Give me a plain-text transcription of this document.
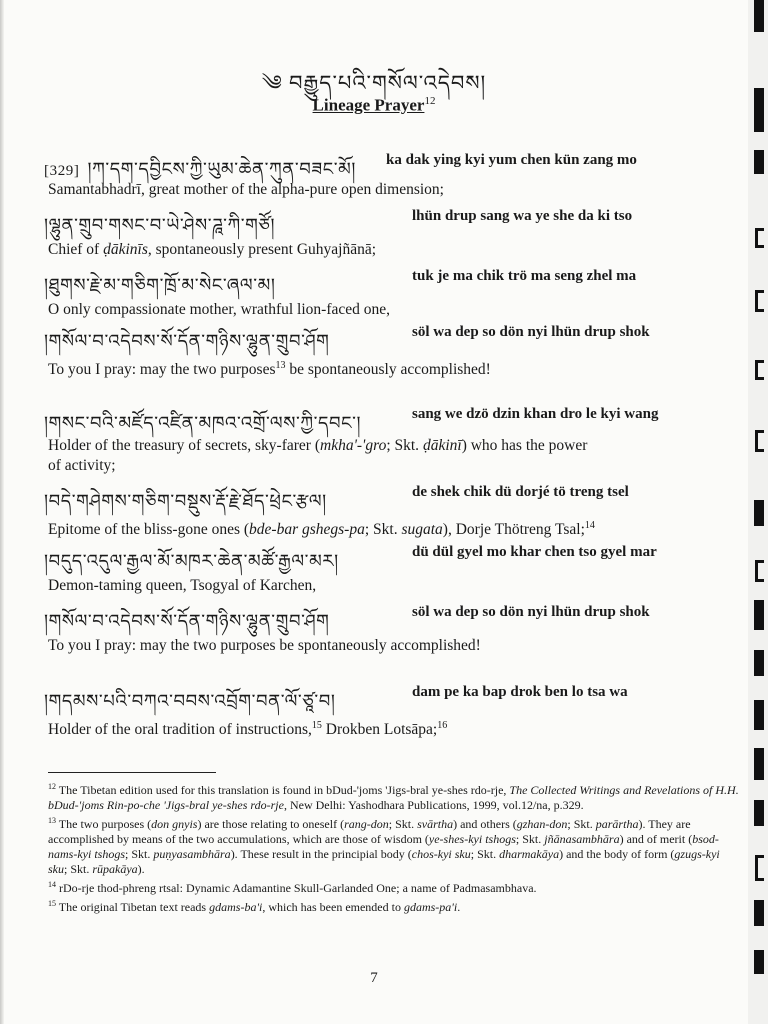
༄ བརྒྱུད་པའི་གསོལ་འདེབས།
Lineage Prayer$^{12}$
[329] །ཀ་དག་དབྱིངས་ཀྱི་ཡུམ་ཆེན་ཀུན་བཟང་མོ། ka dak ying kyi yum chen kün zang mo
Samantabhadrī, great mother of the alpha-pure open dimension;
།ལྷུན་གྲུབ་གསང་བ་ཡེ་ཤེས་ཌཱ་ཀི་གཙོ།	lhün drup sang wa ye she da ki tso
Chief of ḍākinīs, spontaneously present Guhyajñānā;
།ཐུགས་རྗེ་མ་གཅིག་ཁྲོ་མ་སེང་ཞལ་མ།	tuk je ma chik trö ma seng zhel ma
O only compassionate mother, wrathful lion-faced one,
།གསོལ་བ་འདེབས་སོ་དོན་གཉིས་ལྷུན་གྲུབ་ཤོག	söl wa dep so dön nyi lhün drup shok
To you I pray: may the two purposes$^{13}$ be spontaneously accomplished!
།གསང་བའི་མཛོད་འཛིན་མཁའ་འགྲོ་ལས་ཀྱི་དབང་།	sang we dzö dzin khan dro le kyi wang
Holder of the treasury of secrets, sky-farer (mkha'-'gro; Skt. ḍākinī) who has the power
of activity;
།བདེ་གཤེགས་གཅིག་བསྡུས་རྡོ་རྗེ་ཐོད་ཕྲེང་རྩལ།	de shek chik dü dorjé tö treng tsel
Epitome of the bliss-gone ones (bde-bar gshegs-pa; Skt. sugata), Dorje Thötreng Tsal;$^{14}$
།བདུད་འདུལ་རྒྱལ་མོ་མཁར་ཆེན་མཚོ་རྒྱལ་མར།	dü dül gyel mo khar chen tso gyel mar
Demon-taming queen, Tsogyal of Karchen,
།གསོལ་བ་འདེབས་སོ་དོན་གཉིས་ལྷུན་གྲུབ་ཤོག	söl wa dep so dön nyi lhün drup shok
To you I pray: may the two purposes be spontaneously accomplished!
།གདམས་པའི་བཀའ་བབས་འབྲོག་བན་ལོ་ཙཱ་བ།	dam pe ka bap drok ben lo tsa wa
Holder of the oral tradition of instructions,$^{15}$ Drokben Lotsāpa;$^{16}$
$^{12}$ The Tibetan edition used for this translation is found in bDud-'joms 'Jigs-bral ye-shes rdo-rje, The Collected Writings and Revelations of H.H. bDud-'joms Rin-po-che 'Jigs-bral ye-shes rdo-rje, New Delhi: Yashodhara Publications, 1999, vol.12/na, p.329.
$^{13}$ The two purposes (don gnyis) are those relating to oneself (rang-don; Skt. svārtha) and others (gzhan-don; Skt. parārtha). They are accomplished by means of the two accumulations, which are those of wisdom (ye-shes-kyi tshogs; Skt. jñānasambhāra) and of merit (bsod-nams-kyi tshogs; Skt. puṇyasambhāra). These result in the principial body (chos-kyi sku; Skt. dharmakāya) and the body of form (gzugs-kyi sku; Skt. rūpakāya).
$^{14}$ rDo-rje thod-phreng rtsal: Dynamic Adamantine Skull-Garlanded One; a name of Padmasambhava.
$^{15}$ The original Tibetan text reads gdams-ba'i, which has been emended to gdams-pa'i.
7
